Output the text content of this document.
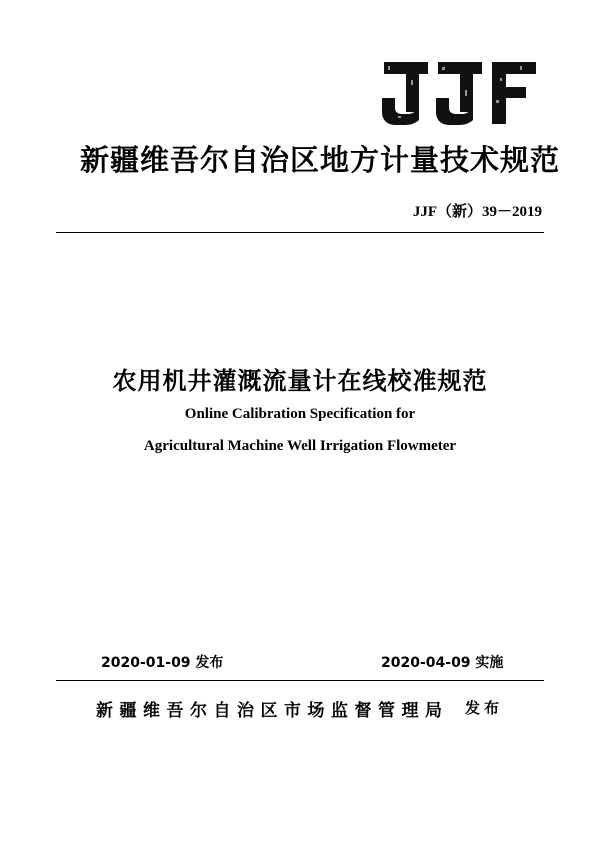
新疆维吾尔自治区地方计量技术规范
JJF（新）39－2019
农用机井灌溉流量计在线校准规范
Online Calibration Specification for
Agricultural Machine Well Irrigation Flowmeter
2020-01-09 发布	2020-04-09 实施
新疆维吾尔自治区市场监督管理局 发布
